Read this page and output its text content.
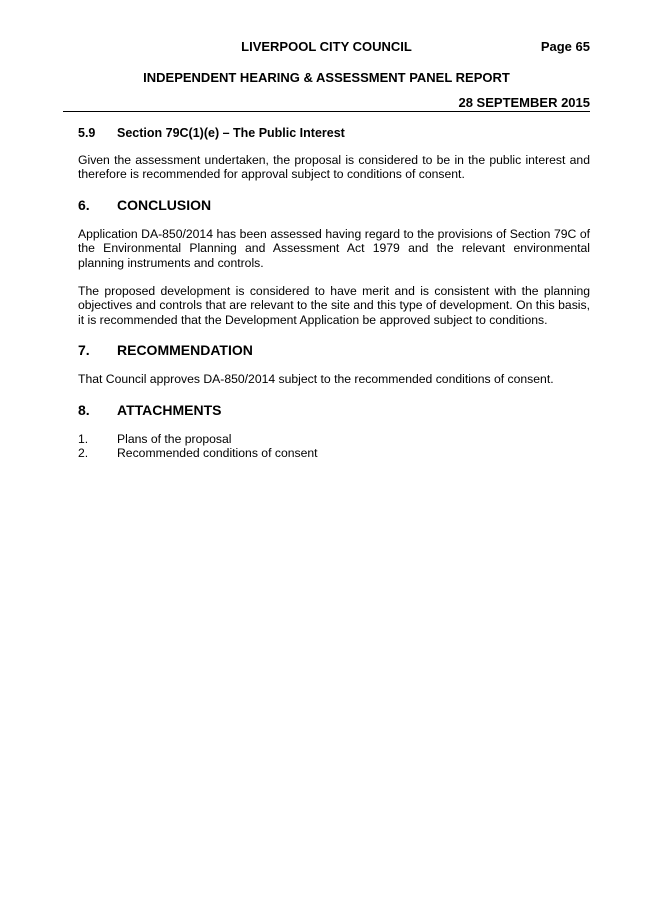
LIVERPOOL CITY COUNCIL	Page 65
INDEPENDENT HEARING & ASSESSMENT PANEL REPORT
28 SEPTEMBER 2015
5.9	Section 79C(1)(e) – The Public Interest

Given the assessment undertaken, the proposal is considered to be in the public interest and therefore is recommended for approval subject to conditions of consent.

6.	CONCLUSION

Application DA-850/2014 has been assessed having regard to the provisions of Section 79C of the Environmental Planning and Assessment Act 1979 and the relevant environmental planning instruments and controls.

The proposed development is considered to have merit and is consistent with the planning objectives and controls that are relevant to the site and this type of development. On this basis, it is recommended that the Development Application be approved subject to conditions.

7.	RECOMMENDATION

That Council approves DA-850/2014 subject to the recommended conditions of consent.

8.	ATTACHMENTS
1.	Plans of the proposal
2.	Recommended conditions of consent
